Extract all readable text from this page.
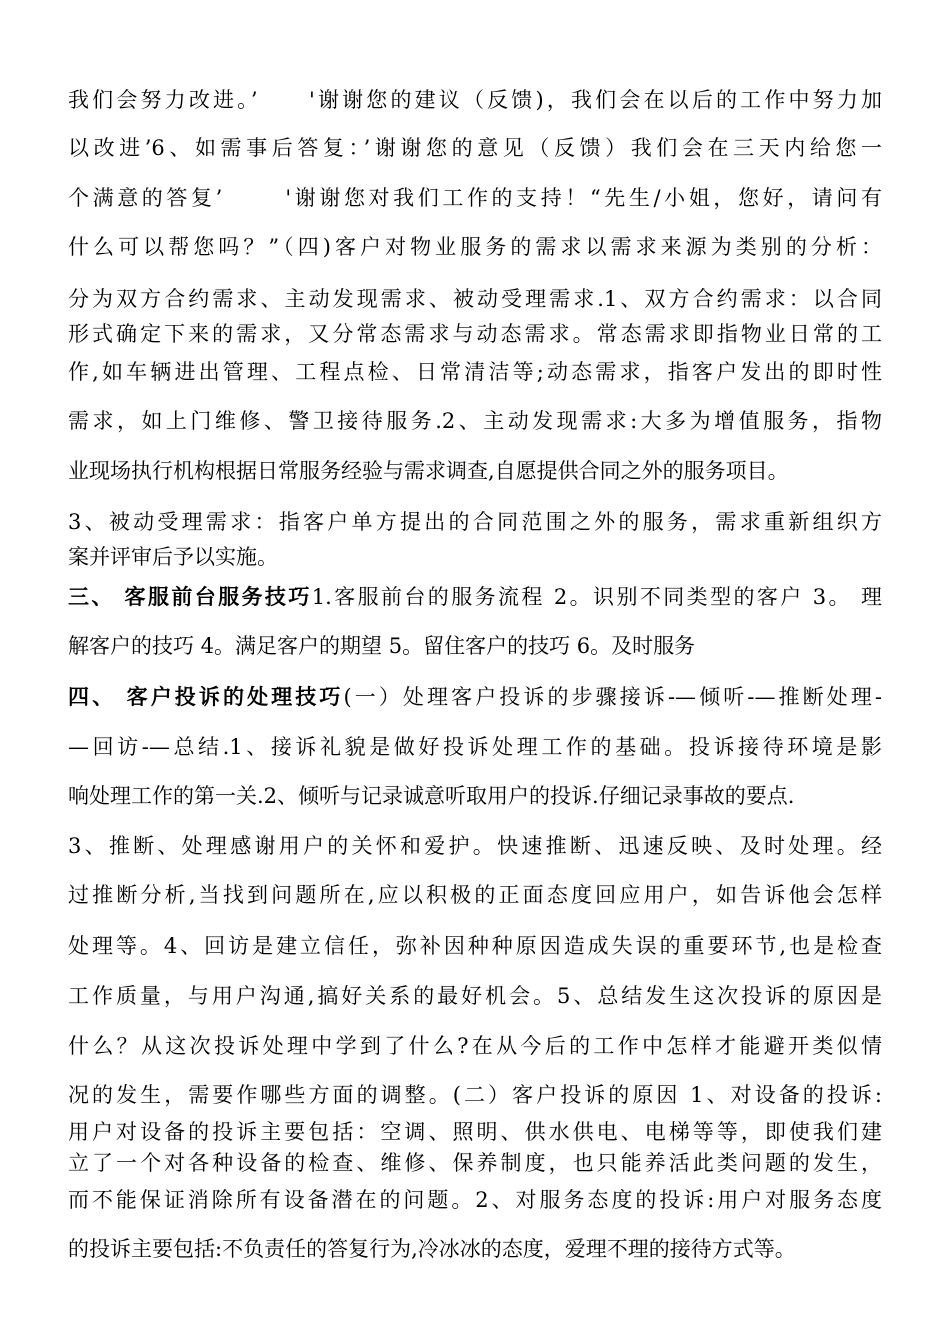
我们会努力改进。’　　'谢谢您的建议（反馈)，我们会在以后的工作中努力加

以改进’6、如需事后答复：’谢谢您的意见（反馈）我们会在三天内给您一

个满意的答复’　　 '谢谢您对我们工作的支持！“先生/小姐，您好，请问有

什么可以帮您吗？”（四)客户对物业服务的需求以需求来源为类别的分析：

分为双方合约需求、主动发现需求、被动受理需求.1、双方合约需求：以合同

形式确定下来的需求，又分常态需求与动态需求。常态需求即指物业日常的工

作,如车辆进出管理、工程点检、日常清洁等;动态需求，指客户发出的即时性

需求，如上门维修、警卫接待服务.2、主动发现需求:大多为增值服务，指物

业现场执行机构根据日常服务经验与需求调查,自愿提供合同之外的服务项目。

3、被动受理需求：指客户单方提出的合同范围之外的服务，需求重新组织方

案并评审后予以实施。

三、 客服前台服务技巧1.客服前台的服务流程 2。识别不同类型的客户 3。 理

解客户的技巧 4。满足客户的期望 5。留住客户的技巧 6。及时服务

四、 客户投诉的处理技巧(一）处理客户投诉的步骤接诉-—倾听-—推断处理-

—回访-—总结.1、接诉礼貌是做好投诉处理工作的基础。投诉接待环境是影

响处理工作的第一关.2、倾听与记录诚意听取用户的投诉.仔细记录事故的要点.

3、推断、处理感谢用户的关怀和爱护。快速推断、迅速反映、及时处理。经

过推断分析,当找到问题所在,应以积极的正面态度回应用户，如告诉他会怎样

处理等。4、回访是建立信任，弥补因种种原因造成失误的重要环节,也是检查

工作质量，与用户沟通,搞好关系的最好机会。5、总结发生这次投诉的原因是

什么？从这次投诉处理中学到了什么?在从今后的工作中怎样才能避开类似情

况的发生，需要作哪些方面的调整。(二）客户投诉的原因 1、对设备的投诉:

用户对设备的投诉主要包括：空调、照明、供水供电、电梯等等，即使我们建

立了一个对各种设备的检查、维修、保养制度，也只能养活此类问题的发生，

而不能保证消除所有设备潜在的问题。2、对服务态度的投诉:用户对服务态度

的投诉主要包括:不负责任的答复行为,冷冰冰的态度，爱理不理的接待方式等。
